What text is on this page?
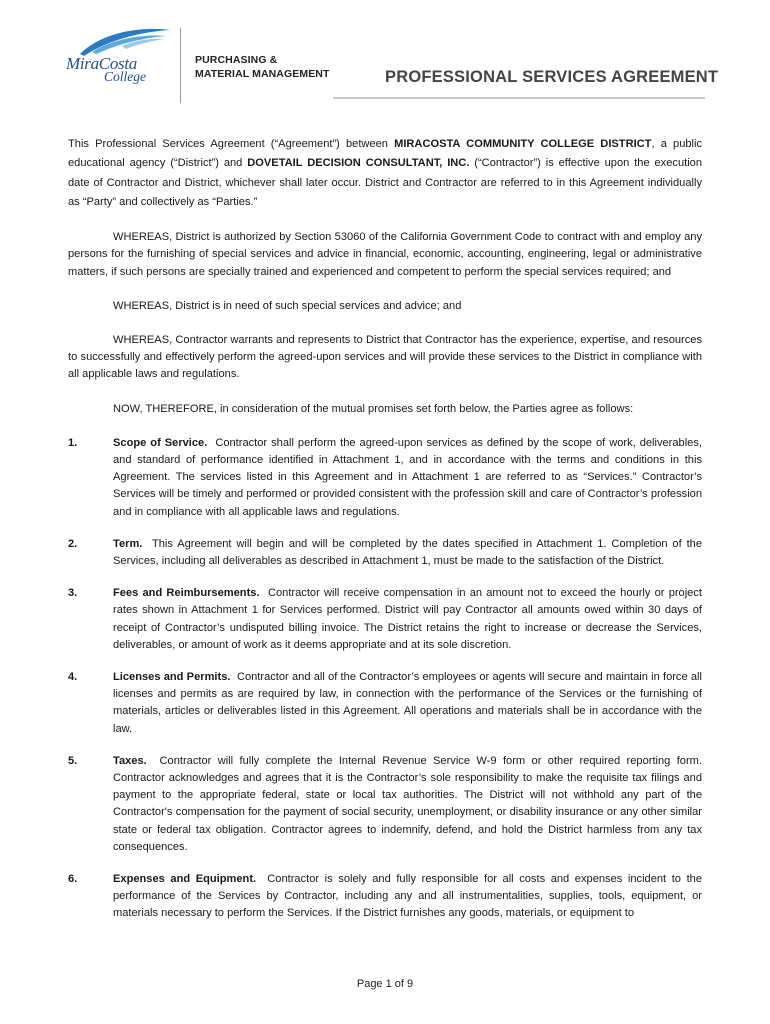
MiraCosta
College
PURCHASING &
MATERIAL MANAGEMENT	PROFESSIONAL SERVICES AGREEMENT

This Professional Services Agreement (“Agreement”) between MIRACOSTA COMMUNITY COLLEGE DISTRICT, a public educational agency (“District”) and DOVETAIL DECISION CONSULTANT, INC. (“Contractor”) is effective upon the execution date of Contractor and District, whichever shall later occur. District and Contractor are referred to in this Agreement individually as “Party” and collectively as “Parties.”

WHEREAS, District is authorized by Section 53060 of the California Government Code to contract with and employ any persons for the furnishing of special services and advice in financial, economic, accounting, engineering, legal or administrative matters, if such persons are specially trained and experienced and competent to perform the special services required; and

WHEREAS, District is in need of such special services and advice; and

WHEREAS, Contractor warrants and represents to District that Contractor has the experience, expertise, and resources to successfully and effectively perform the agreed-upon services and will provide these services to the District in compliance with all applicable laws and regulations.

NOW, THEREFORE, in consideration of the mutual promises set forth below, the Parties agree as follows:

1.	Scope of Service. Contractor shall perform the agreed-upon services as defined by the scope of work, deliverables, and standard of performance identified in Attachment 1, and in accordance with the terms and conditions in this Agreement. The services listed in this Agreement and in Attachment 1 are referred to as “Services.” Contractor’s Services will be timely and performed or provided consistent with the profession skill and care of Contractor’s profession and in compliance with all applicable laws and regulations.
2.	Term. This Agreement will begin and will be completed by the dates specified in Attachment 1. Completion of the Services, including all deliverables as described in Attachment 1, must be made to the satisfaction of the District.
3.	Fees and Reimbursements. Contractor will receive compensation in an amount not to exceed the hourly or project rates shown in Attachment 1 for Services performed. District will pay Contractor all amounts owed within 30 days of receipt of Contractor’s undisputed billing invoice. The District retains the right to increase or decrease the Services, deliverables, or amount of work as it deems appropriate and at its sole discretion.
4.	Licenses and Permits. Contractor and all of the Contractor’s employees or agents will secure and maintain in force all licenses and permits as are required by law, in connection with the performance of the Services or the furnishing of materials, articles or deliverables listed in this Agreement. All operations and materials shall be in accordance with the law.
5.	Taxes. Contractor will fully complete the Internal Revenue Service W-9 form or other required reporting form. Contractor acknowledges and agrees that it is the Contractor’s sole responsibility to make the requisite tax filings and payment to the appropriate federal, state or local tax authorities. The District will not withhold any part of the Contractor's compensation for the payment of social security, unemployment, or disability insurance or any other similar state or federal tax obligation. Contractor agrees to indemnify, defend, and hold the District harmless from any tax consequences.
6.	Expenses and Equipment. Contractor is solely and fully responsible for all costs and expenses incident to the performance of the Services by Contractor, including any and all instrumentalities, supplies, tools, equipment, or materials necessary to perform the Services. If the District furnishes any goods, materials, or equipment to
Page 1 of 9
